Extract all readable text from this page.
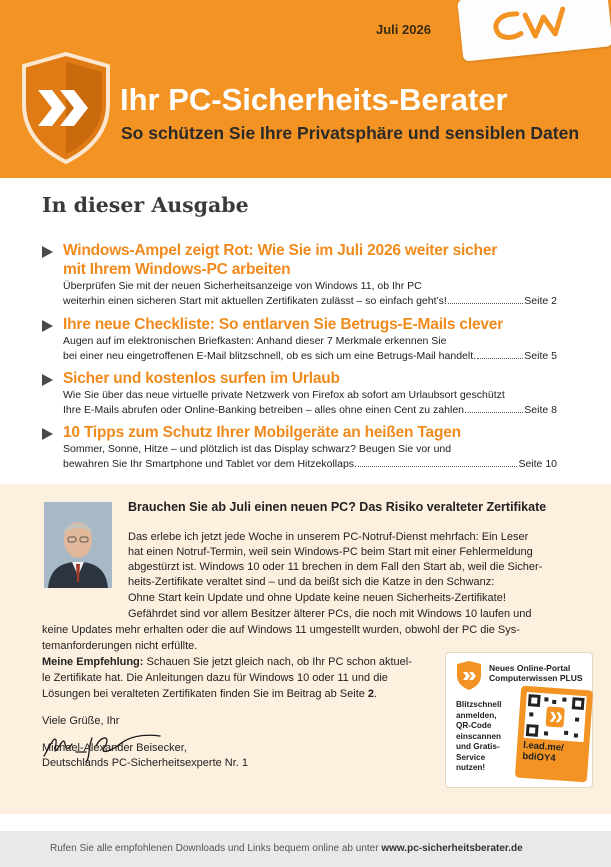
Juli 2026
Ihr PC-Sicherheits-Berater
So schützen Sie Ihre Privatsphäre und sensiblen Daten
In dieser Ausgabe
Windows-Ampel zeigt Rot: Wie Sie im Juli 2026 weiter sicher
mit Ihrem Windows-PC arbeiten
Überprüfen Sie mit der neuen Sicherheitsanzeige von Windows 11, ob Ihr PC
weiterhin einen sicheren Start mit aktuellen Zertifikaten zulässt – so einfach geht’s!	Seite 2
Ihre neue Checkliste: So entlarven Sie Betrugs-E-Mails clever
Augen auf im elektronischen Briefkasten: Anhand dieser 7 Merkmale erkennen Sie
bei einer neu eingetroffenen E-Mail blitzschnell, ob es sich um eine Betrugs-Mail handelt.	Seite 5
Sicher und kostenlos surfen im Urlaub
Wie Sie über das neue virtuelle private Netzwerk von Firefox ab sofort am Urlaubsort geschützt
Ihre E-Mails abrufen oder Online-Banking betreiben – alles ohne einen Cent zu zahlen.	Seite 8
10 Tipps zum Schutz Ihrer Mobilgeräte an heißen Tagen
Sommer, Sonne, Hitze – und plötzlich ist das Display schwarz? Beugen Sie vor und
bewahren Sie Ihr Smartphone und Tablet vor dem Hitzekollaps.	Seite 10
Brauchen Sie ab Juli einen neuen PC? Das Risiko veralteter Zertifikate
Das erlebe ich jetzt jede Woche in unserem PC-Notruf-Dienst mehrfach: Ein Leser
hat einen Notruf-Termin, weil sein Windows-PC beim Start mit einer Fehlermeldung
abgestürzt ist. Windows 10 oder 11 brechen in dem Fall den Start ab, weil die Sicher-
heits-Zertifikate veraltet sind – und da beißt sich die Katze in den Schwanz:
Ohne Start kein Update und ohne Update keine neuen Sicherheits-Zertifikate!
Gefährdet sind vor allem Besitzer älterer PCs, die noch mit Windows 10 laufen und
keine Updates mehr erhalten oder die auf Windows 11 umgestellt wurden, obwohl der PC die Sys-
temanforderungen nicht erfüllte.
Meine Empfehlung: Schauen Sie jetzt gleich nach, ob Ihr PC schon aktuel-
le Zertifikate hat. Die Anleitungen dazu für Windows 10 oder 11 und die
Lösungen bei veralteten Zertifikaten finden Sie im Beitrag ab Seite 2.
Viele Grüße, Ihr
Michael-Alexander Beisecker,
Deutschlands PC-Sicherheitsexperte Nr. 1
Neues Online-Portal
Computerwissen PLUS
Blitzschnell
anmelden,
QR-Code
einscannen
und Gratis-
Service
nutzen!
l.ead.me/
bdiOY4
Rufen Sie alle empfohlenen Downloads und Links bequem online ab unter www.pc-sicherheitsberater.de
